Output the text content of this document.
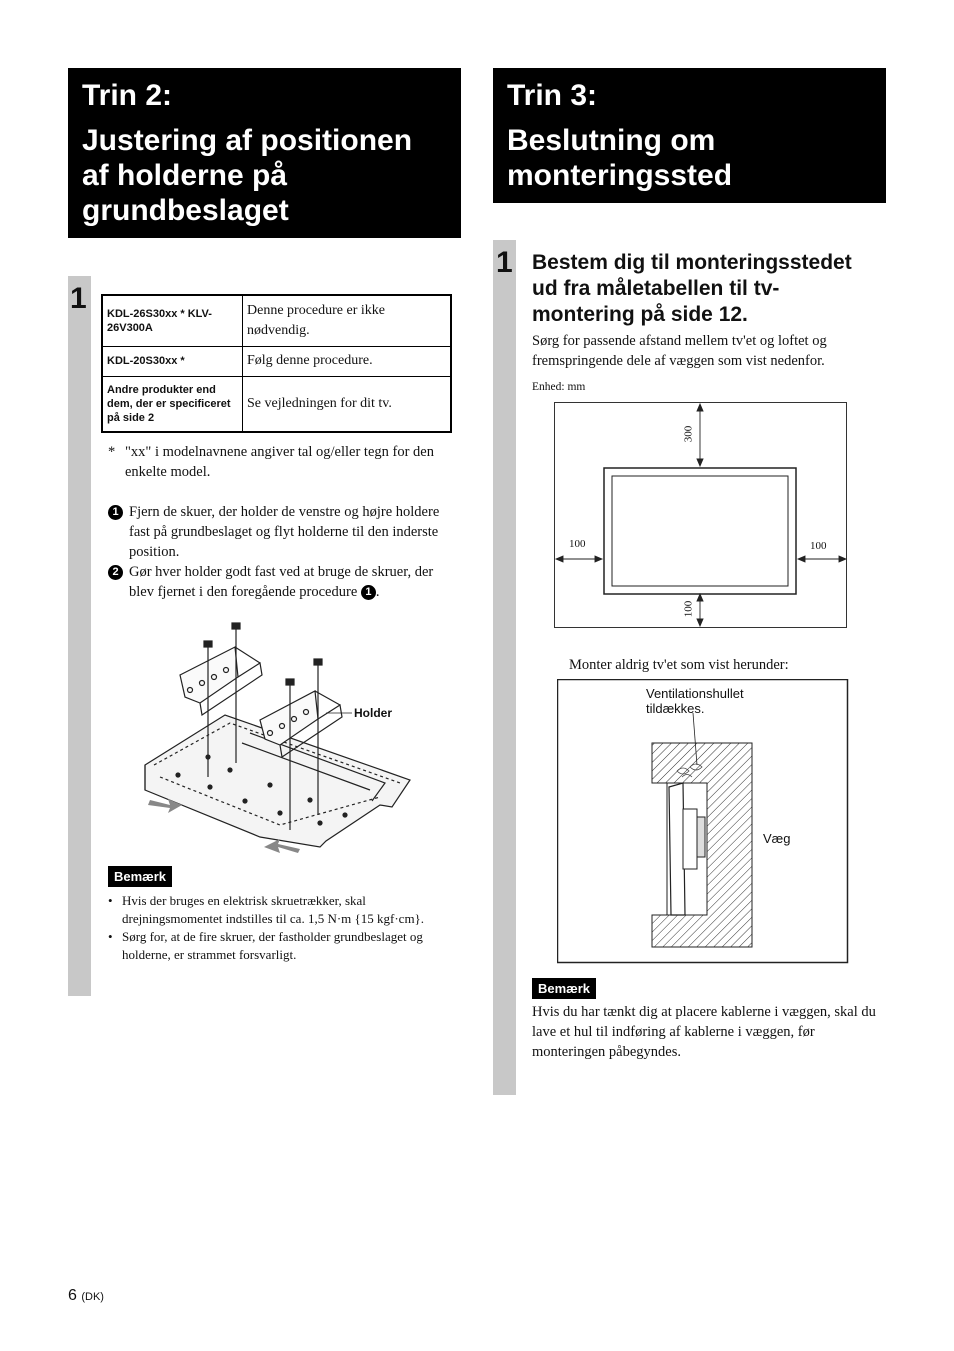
Trin 2:
Justering af positionen af holderne på grundbeslaget
1 KDL-26S30xx * KLV-26V300A	Denne procedure er ikke nødvendig.
KDL-20S30xx *	Følg denne procedure.
Andre produkter end dem, der er specificeret på side 2	Se vejledningen for dit tv.
* "xx" i modelnavnene angiver tal og/eller tegn for den enkelte model.
1 Fjern de skuer, der holder de venstre og højre holdere fast på grundbeslaget og flyt holderne til den inderste position.
2 Gør hver holder godt fast ved at bruge de skruer, der blev fjernet i den foregående procedure 1 .
Holder
Bemærk
• Hvis der bruges en elektrisk skruetrækker, skal drejningsmomentet indstilles til ca. 1,5 N·m {15 kgf·cm}.
• Sørg for, at de fire skruer, der fastholder grundbeslaget og holderne, er strammet forsvarligt.
Trin 3:
Beslutning om monteringssted
1 Bestem dig til monteringsstedet ud fra måletabellen til tv-montering på side 12.
Sørg for passende afstand mellem tv'et og loftet og fremspringende dele af væggen som vist nedenfor.
Enhed: mm
300
100	100
100
Monter aldrig tv'et som vist herunder:
Ventilationshullet tildækkes.
Væg
Bemærk
Hvis du har tænkt dig at placere kablerne i væggen, skal du lave et hul til indføring af kablerne i væggen, før monteringen påbegyndes.
6 (DK)
